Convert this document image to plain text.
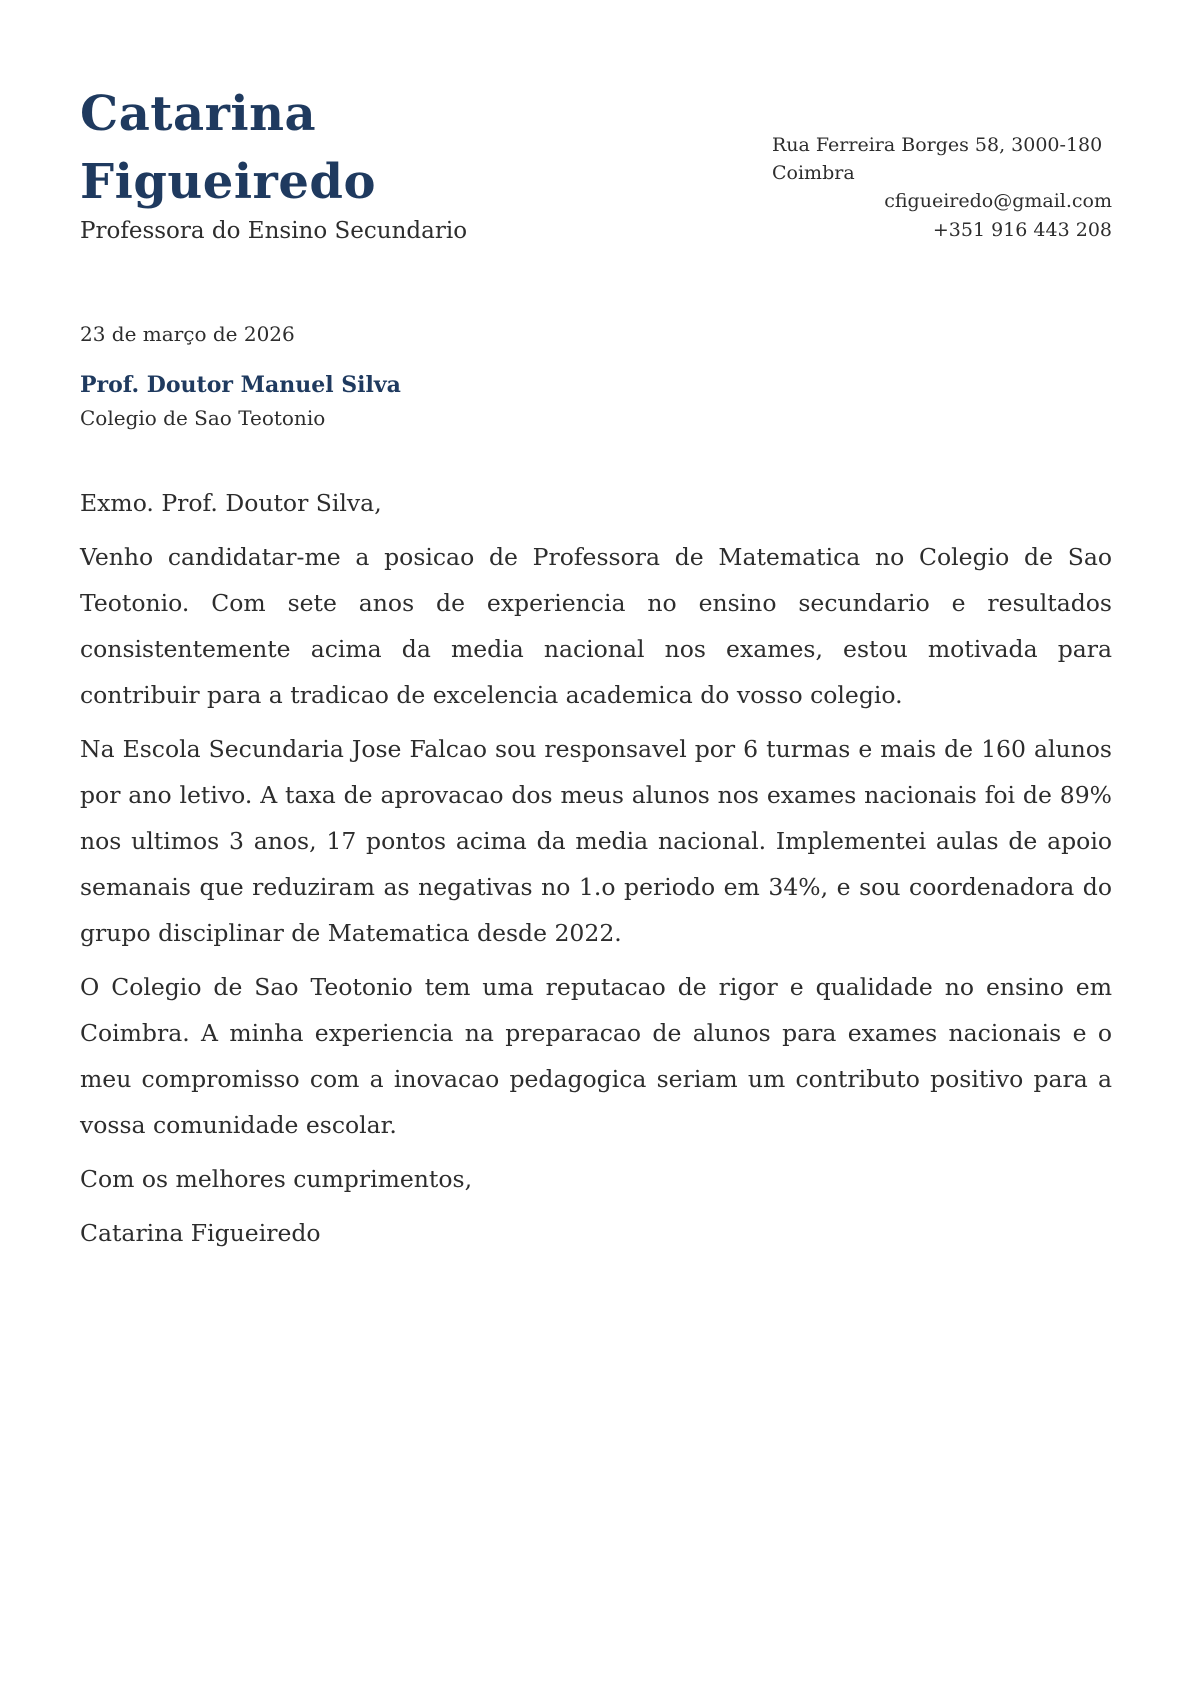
Catarina
Figueiredo
Professora do Ensino Secundario
Rua Ferreira Borges 58, 3000-180
Coimbra
cfigueiredo@gmail.com
+351 916 443 208
23 de março de 2026
Prof. Doutor Manuel Silva
Colegio de Sao Teotonio

Exmo. Prof. Doutor Silva,

Venho candidatar-me a posicao de Professora de Matematica no Colegio de Sao Teotonio. Com sete anos de experiencia no ensino secundario e resultados consistentemente acima da media nacional nos exames, estou motivada para contribuir para a tradicao de excelencia academica do vosso colegio.

Na Escola Secundaria Jose Falcao sou responsavel por 6 turmas e mais de 160 alunos por ano letivo. A taxa de aprovacao dos meus alunos nos exames nacionais foi de 89% nos ultimos 3 anos, 17 pontos acima da media nacional. Implementei aulas de apoio semanais que reduziram as negativas no 1.o periodo em 34%, e sou coordenadora do grupo disciplinar de Matematica desde 2022.

O Colegio de Sao Teotonio tem uma reputacao de rigor e qualidade no ensino em Coimbra. A minha experiencia na preparacao de alunos para exames nacionais e o meu compromisso com a inovacao pedagogica seriam um contributo positivo para a vossa comunidade escolar.

Com os melhores cumprimentos,

Catarina Figueiredo
